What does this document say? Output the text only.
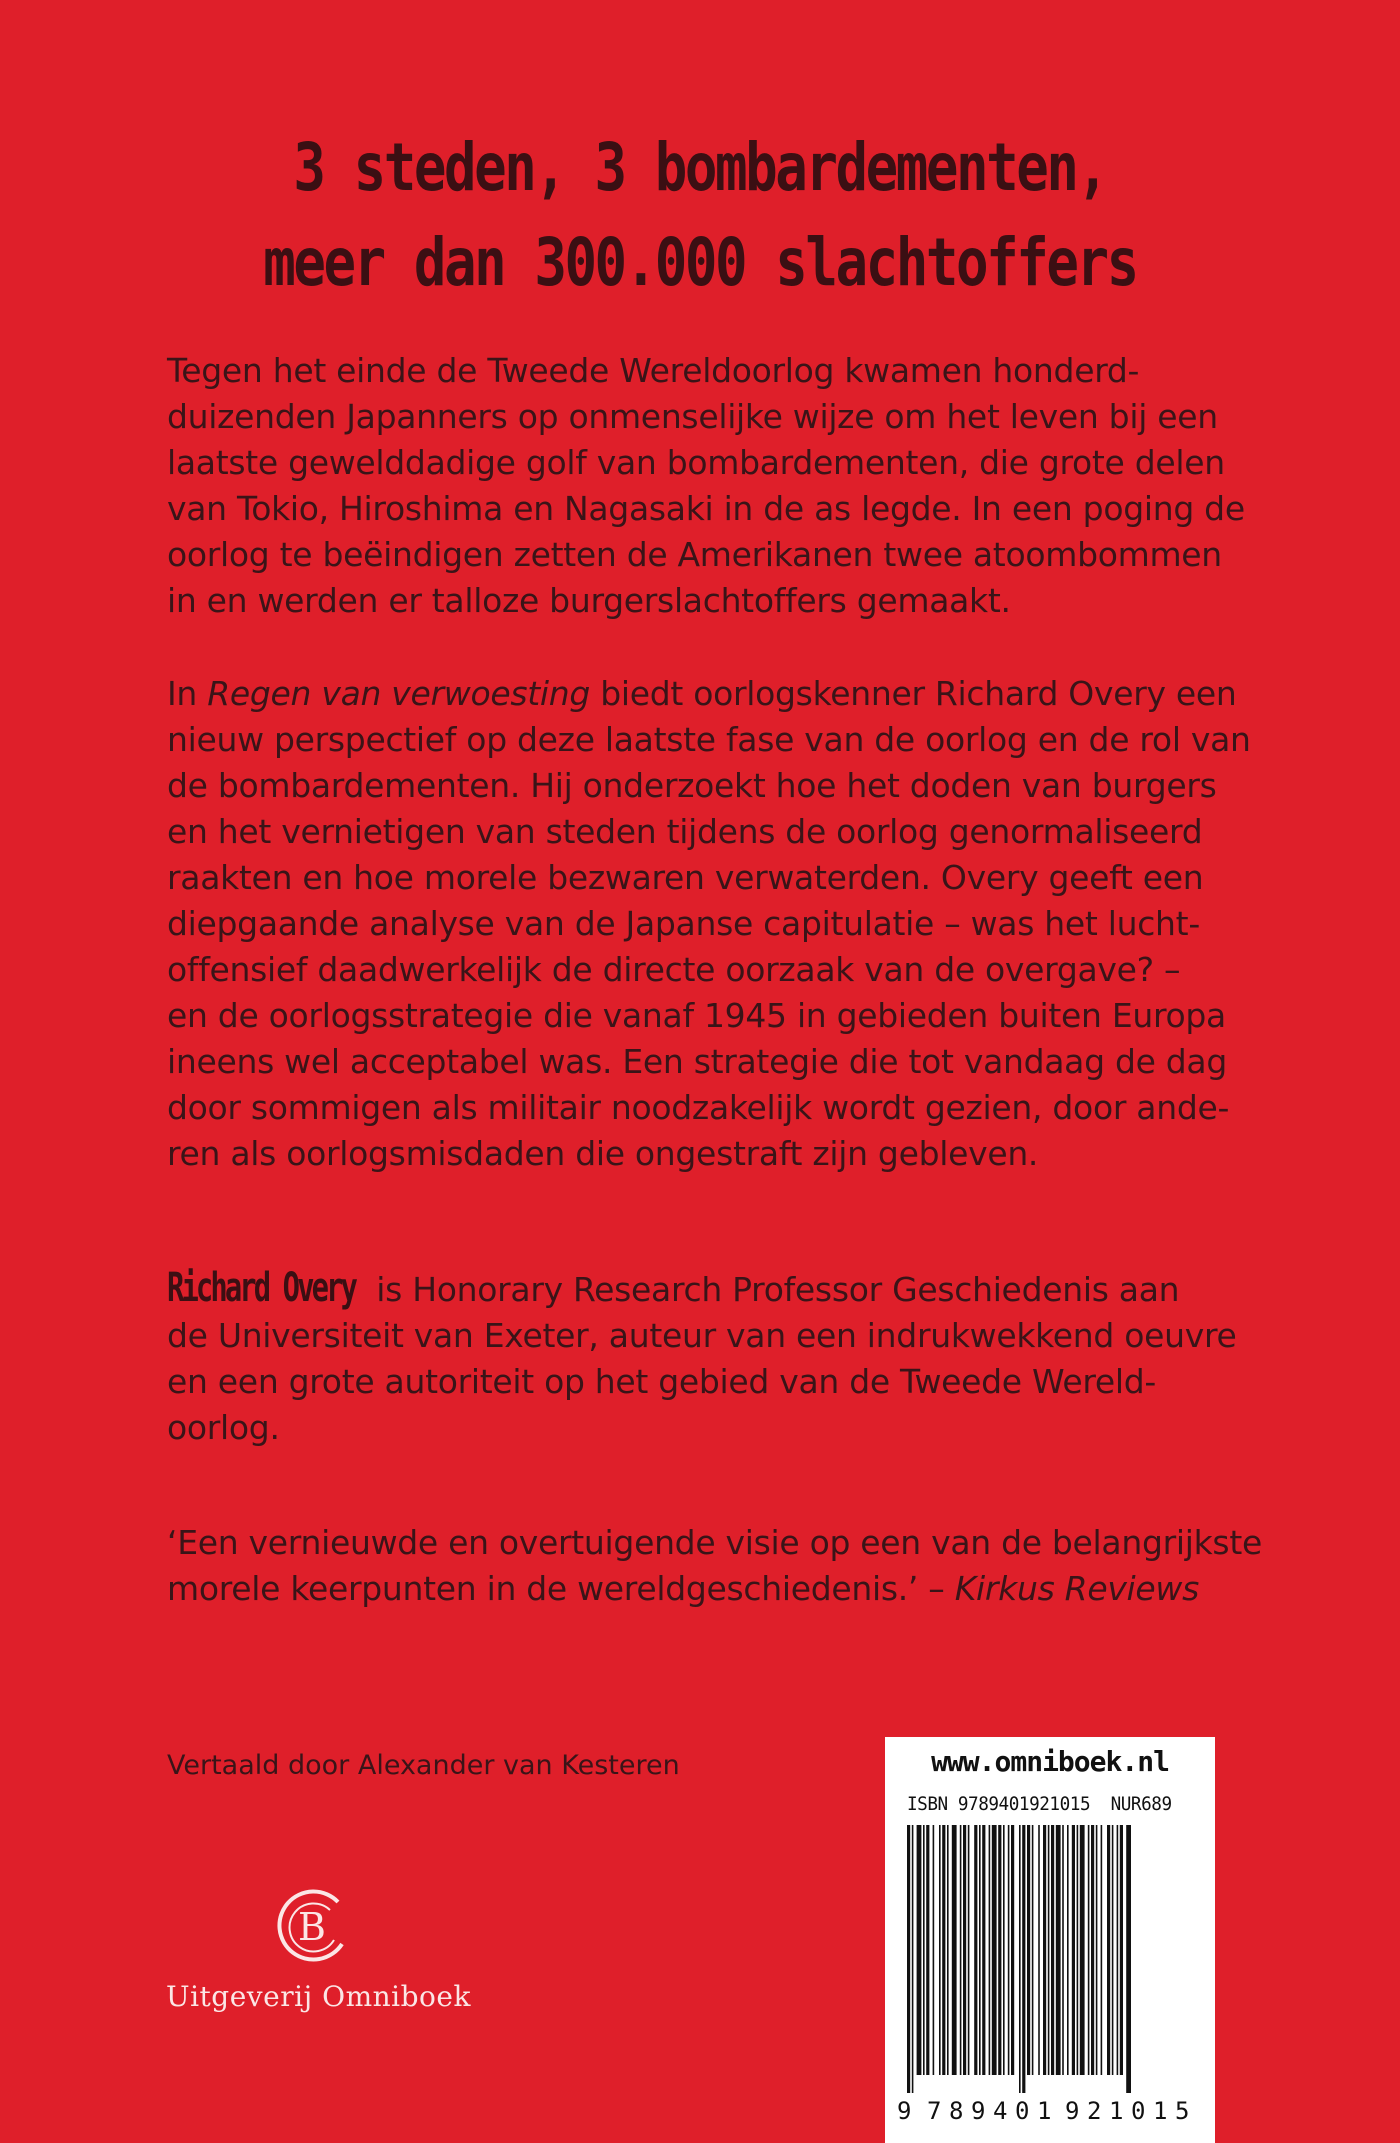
3 steden, 3 bombardementen,
meer dan 300.000 slachtoffers
Tegen het einde de Tweede Wereldoorlog kwamen honderd-
duizenden Japanners op onmenselijke wijze om het leven bij een
laatste gewelddadige golf van bombardementen, die grote delen
van Tokio, Hiroshima en Nagasaki in de as legde. In een poging de
oorlog te beëindigen zetten de Amerikanen twee atoombommen
in en werden er talloze burgerslachtoffers gemaakt.
In Regen van verwoesting biedt oorlogskenner Richard Overy een
nieuw perspectief op deze laatste fase van de oorlog en de rol van
de bombardementen. Hij onderzoekt hoe het doden van burgers
en het vernietigen van steden tijdens de oorlog genormaliseerd
raakten en hoe morele bezwaren verwaterden. Overy geeft een
diepgaande analyse van de Japanse capitulatie – was het lucht-
offensief daadwerkelijk de directe oorzaak van de overgave? –
en de oorlogsstrategie die vanaf 1945 in gebieden buiten Europa
ineens wel acceptabel was. Een strategie die tot vandaag de dag
door sommigen als militair noodzakelijk wordt gezien, door ande-
ren als oorlogsmisdaden die ongestraft zijn gebleven.
Richard Overy is Honorary Research Professor Geschiedenis aan
de Universiteit van Exeter, auteur van een indrukwekkend oeuvre
en een grote autoriteit op het gebied van de Tweede Wereld-
oorlog.
‘Een vernieuwde en overtuigende visie op een van de belangrijkste
morele keerpunten in de wereldgeschiedenis.’ – Kirkus Reviews
Vertaald door Alexander van Kesteren
B
Uitgeverij Omniboek
www.omniboek.nl
ISBN 9789401921015 NUR689
9 7 8 9 4 0 1 9 2 1 0 1 5
